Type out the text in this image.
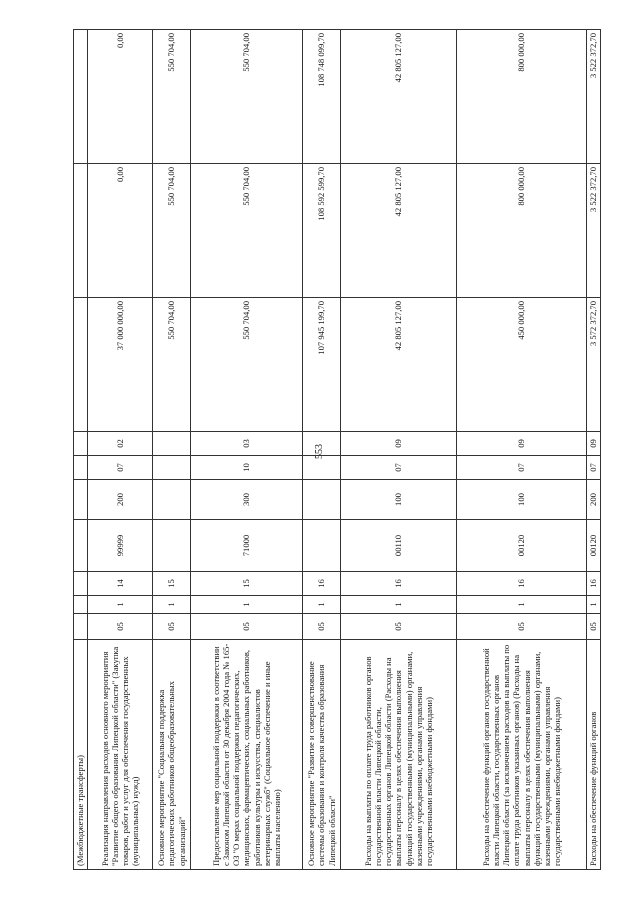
553
(Межбюджетные трансферты)										
Реализация направления расходов основного мероприятия "Развитие общего образования Липецкой области" (Закупка товаров, работ и услуг для обеспечения государственных (муниципальных) нужд)	05	1	14	99999	200	07	02	37 000 000,00	0,00	0,00
Основное мероприятие "Социальная поддержка педагогических работников общеобразовательных организаций"	05	1	15					550 704,00	550 704,00	550 704,00
Предоставление мер социальной поддержки в соответствии с Законом Липецкой области от 30 декабря 2004 года № 165-ОЗ "О мерах социальной поддержки педагогических, медицинских, фармацевтических, социальных работников, работников культуры и искусства, специалистов ветеринарных служб" (Социальное обеспечение и иные выплаты населению)	05	1	15	71000	300	10	03	550 704,00	550 704,00	550 704,00
Основное мероприятие "Развитие и совершенствование системы образования и контроля качества образования Липецкой области"	05	1	16					107 945 199,70	108 592 599,70	108 748 099,70
Расходы на выплаты по оплате труда работников органов государственной власти Липецкой области, государственных органов Липецкой области (Расходы на выплаты персоналу в целях обеспечения выполнения функций государственными (муниципальными) органами, казенными учреждениями, органами управления государственными внебюджетными фондами)	05	1	16	00110	100	07	09	42 805 127,00	42 805 127,00	42 805 127,00
Расходы на обеспечение функций органов государственной власти Липецкой области, государственных органов Липецкой области (за исключением расходов на выплаты по оплате труда работников указанных органов) (Расходы на выплаты персоналу в целях обеспечения выполнения функций государственными (муниципальными) органами, казенными учреждениями, органами управления государственными внебюджетными фондами)	05	1	16	00120	100	07	09	450 000,00	800 000,00	800 000,00
Расходы на обеспечение функций органов	05	1	16	00120	200	07	09	3 572 372,70	3 522 372,70	3 522 372,70
